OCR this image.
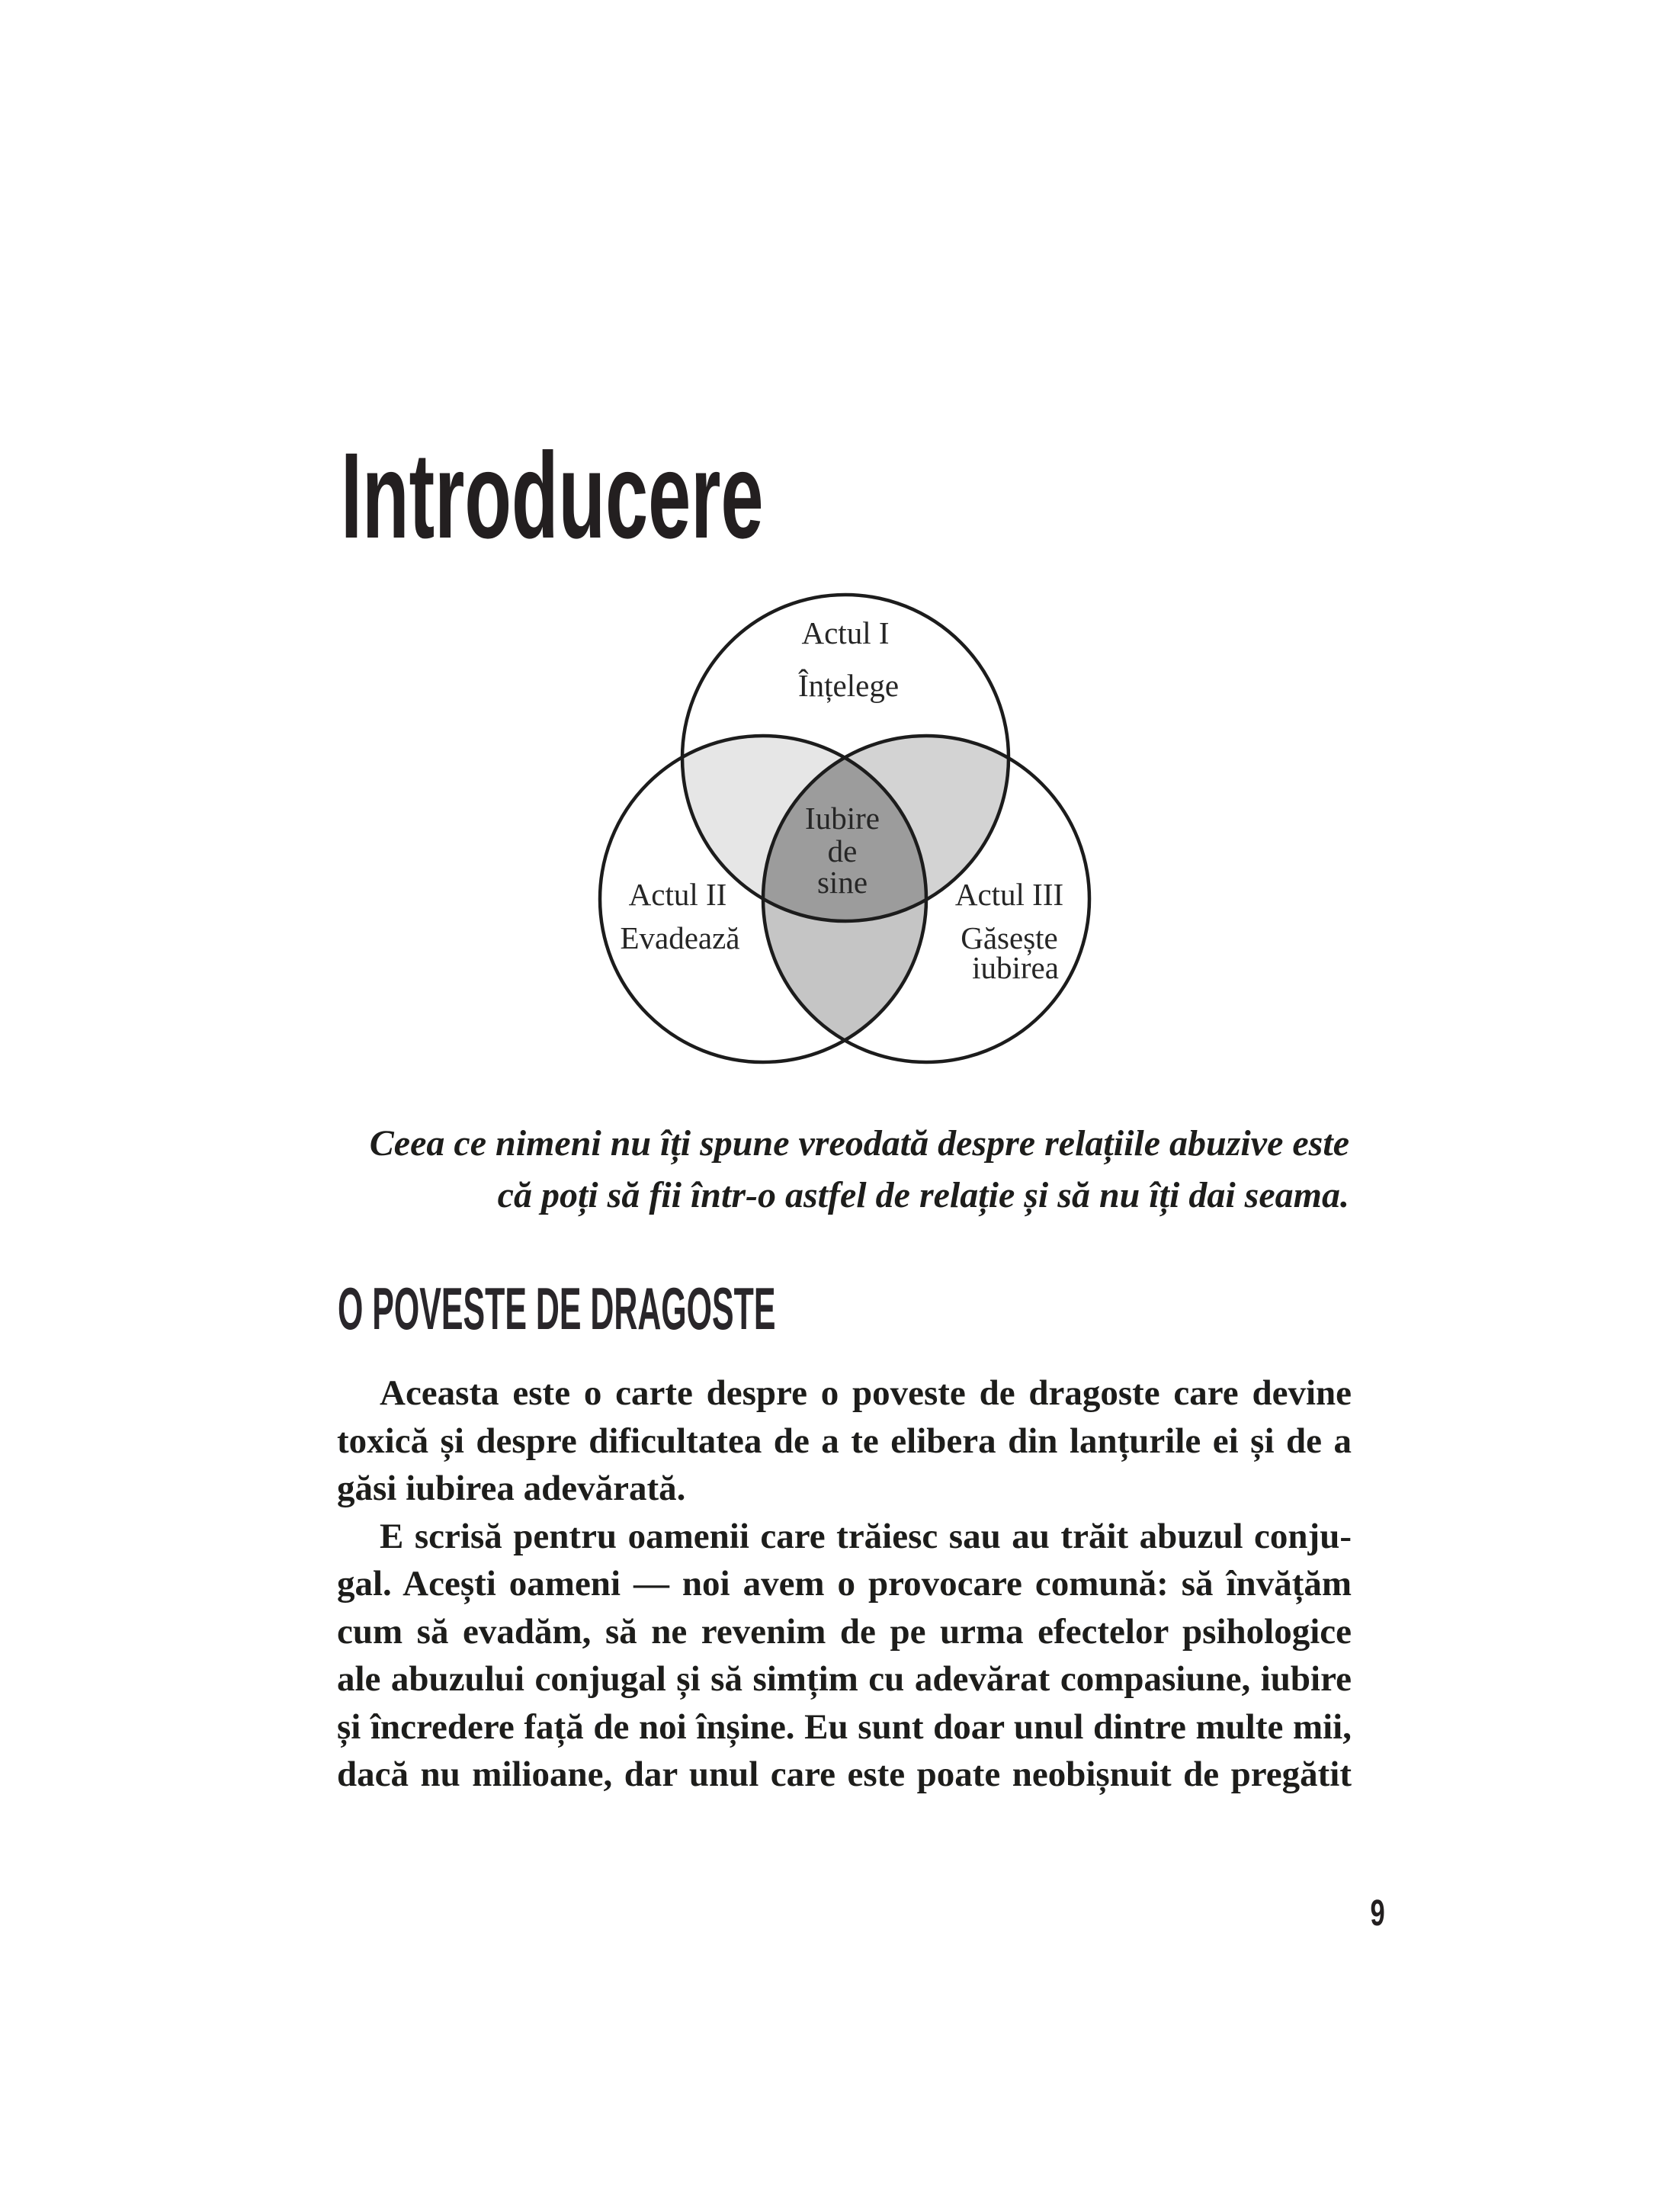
Introducere
Actul I
Înțelege
Iubire
de
sine
Actul II
Evadează
Actul III
Găsește
iubirea
Ceea ce nimeni nu îți spune vreodată despre relațiile abuzive este
că poți să fii într-o astfel de relație și să nu îți dai seama.
O POVESTE DE DRAGOSTE
Aceasta este o carte despre o poveste de dragoste care devine
toxică și despre dificultatea de a te elibera din lanțurile ei și de a
găsi iubirea adevărată.
E scrisă pentru oamenii care trăiesc sau au trăit abuzul conju-
gal. Acești oameni — noi avem o provocare comună: să învățăm
cum să evadăm, să ne revenim de pe urma efectelor psihologice
ale abuzului conjugal și să simțim cu adevărat compasiune, iubire
și încredere față de noi înșine. Eu sunt doar unul dintre multe mii,
dacă nu milioane, dar unul care este poate neobișnuit de pregătit
9
